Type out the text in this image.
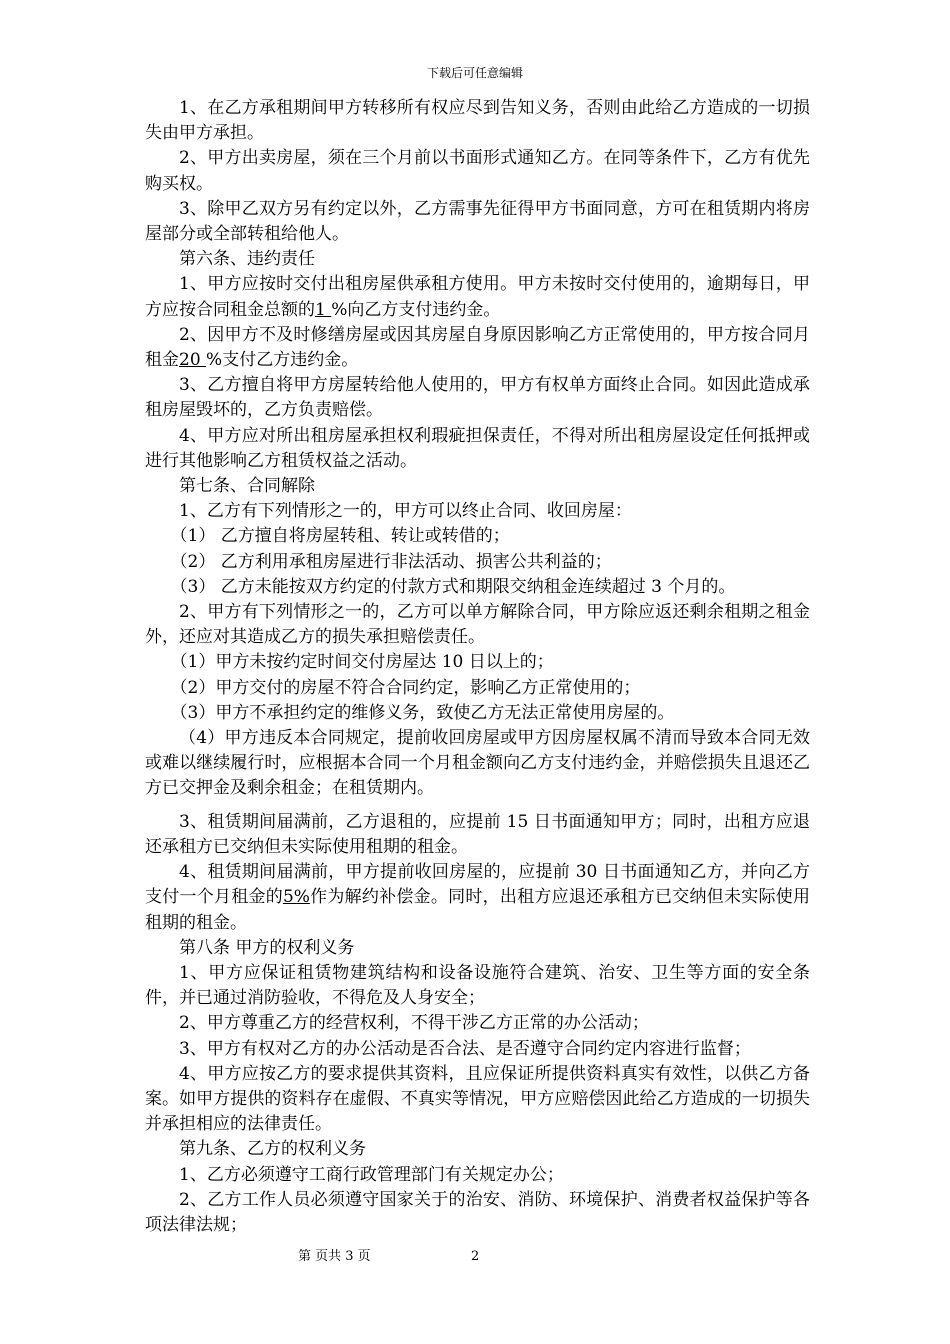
下载后可任意编辑

1、在乙方承租期间甲方转移所有权应尽到告知义务，否则由此给乙方造成的一切损失由甲方承担。

2、甲方出卖房屋，须在三个月前以书面形式通知乙方。在同等条件下，乙方有优先购买权。

3、除甲乙双方另有约定以外，乙方需事先征得甲方书面同意，方可在租赁期内将房屋部分或全部转租给他人。

第六条、违约责任

1、甲方应按时交付出租房屋供承租方使用。甲方未按时交付使用的，逾期每日，甲方应按合同租金总额的1 %向乙方支付违约金。

2、因甲方不及时修缮房屋或因其房屋自身原因影响乙方正常使用的，甲方按合同月租金20 %支付乙方违约金。

3、乙方擅自将甲方房屋转给他人使用的，甲方有权单方面终止合同。如因此造成承租房屋毁坏的，乙方负责赔偿。

4、甲方应对所出租房屋承担权利瑕疵担保责任，不得对所出租房屋设定任何抵押或进行其他影响乙方租赁权益之活动。

第七条、合同解除

1、乙方有下列情形之一的，甲方可以终止合同、收回房屋：

（1） 乙方擅自将房屋转租、转让或转借的；

（2） 乙方利用承租房屋进行非法活动、损害公共利益的；

（3） 乙方未能按双方约定的付款方式和期限交纳租金连续超过 3 个月的。

2、甲方有下列情形之一的，乙方可以单方解除合同，甲方除应返还剩余租期之租金外，还应对其造成乙方的损失承担赔偿责任。

（1）甲方未按约定时间交付房屋达 10 日以上的；

（2）甲方交付的房屋不符合合同约定，影响乙方正常使用的；

（3）甲方不承担约定的维修义务，致使乙方无法正常使用房屋的。

（4）甲方违反本合同规定，提前收回房屋或甲方因房屋权属不清而导致本合同无效或难以继续履行时，应根据本合同一个月租金额向乙方支付违约金，并赔偿损失且退还乙方已交押金及剩余租金；在租赁期内。

3、租赁期间届满前，乙方退租的，应提前 15 日书面通知甲方；同时，出租方应退还承租方已交纳但未实际使用租期的租金。

4、租赁期间届满前，甲方提前收回房屋的，应提前 30 日书面通知乙方，并向乙方支付一个月租金的5%作为解约补偿金。同时，出租方应退还承租方已交纳但未实际使用租期的租金。

第八条 甲方的权利义务

1、甲方应保证租赁物建筑结构和设备设施符合建筑、治安、卫生等方面的安全条件，并已通过消防验收，不得危及人身安全；

2、甲方尊重乙方的经营权利，不得干涉乙方正常的办公活动；

3、甲方有权对乙方的办公活动是否合法、是否遵守合同约定内容进行监督；

4、甲方应按乙方的要求提供其资料，且应保证所提供资料真实有效性，以供乙方备案。如甲方提供的资料存在虚假、不真实等情况，甲方应赔偿因此给乙方造成的一切损失并承担相应的法律责任。

第九条、乙方的权利义务

1、乙方必须遵守工商行政管理部门有关规定办公；

2、乙方工作人员必须遵守国家关于的治安、消防、环境保护、消费者权益保护等各项法律法规；

第 页共 3 页	2
